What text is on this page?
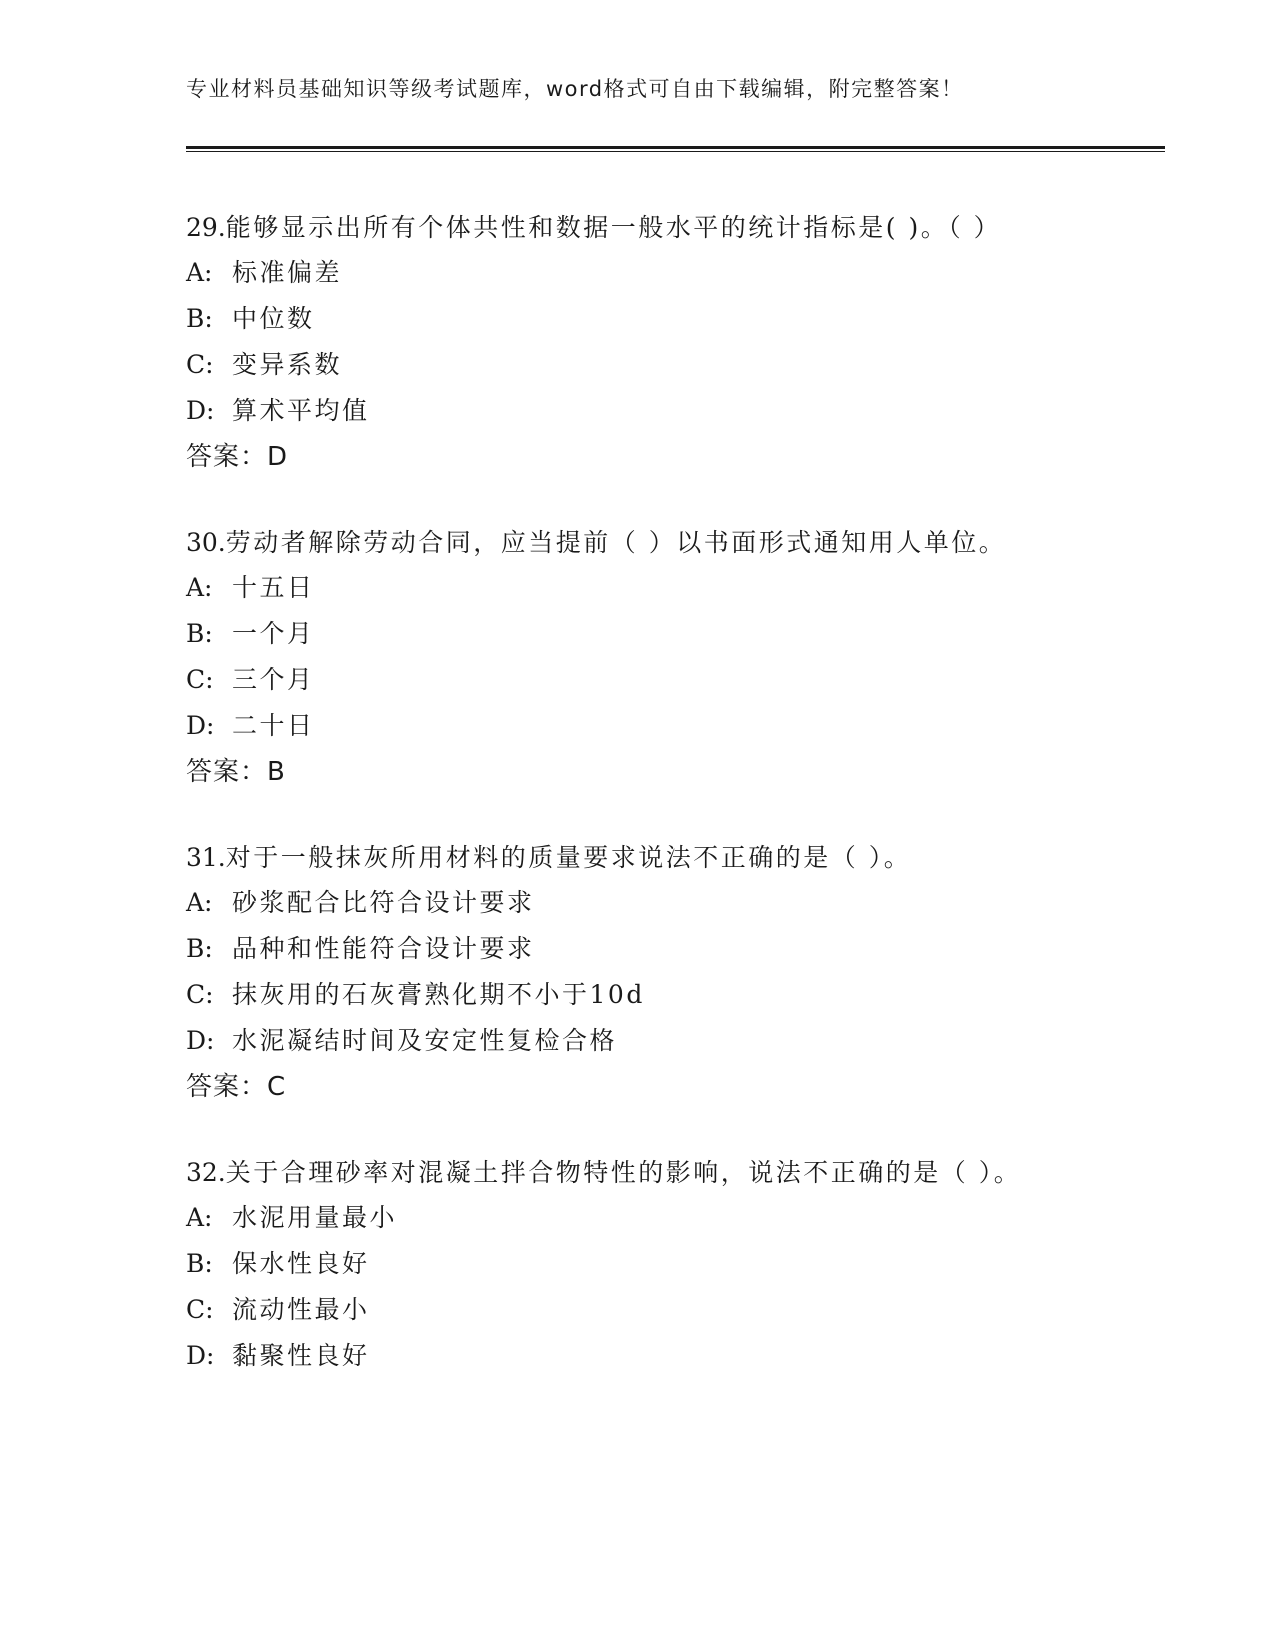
专业材料员基础知识等级考试题库，word格式可自由下载编辑，附完整答案！
29.能够显示出所有个体共性和数据一般水平的统计指标是( )。（ ）
A: 标准偏差
B: 中位数
C: 变异系数
D: 算术平均值
答案：D
30.劳动者解除劳动合同，应当提前（ ）以书面形式通知用人单位。
A: 十五日
B: 一个月
C: 三个月
D: 二十日
答案：B
31.对于一般抹灰所用材料的质量要求说法不正确的是（ ）。
A: 砂浆配合比符合设计要求
B: 品种和性能符合设计要求
C: 抹灰用的石灰膏熟化期不小于10d
D: 水泥凝结时间及安定性复检合格
答案：C
32.关于合理砂率对混凝土拌合物特性的影响，说法不正确的是（ ）。
A: 水泥用量最小
B: 保水性良好
C: 流动性最小
D: 黏聚性良好
